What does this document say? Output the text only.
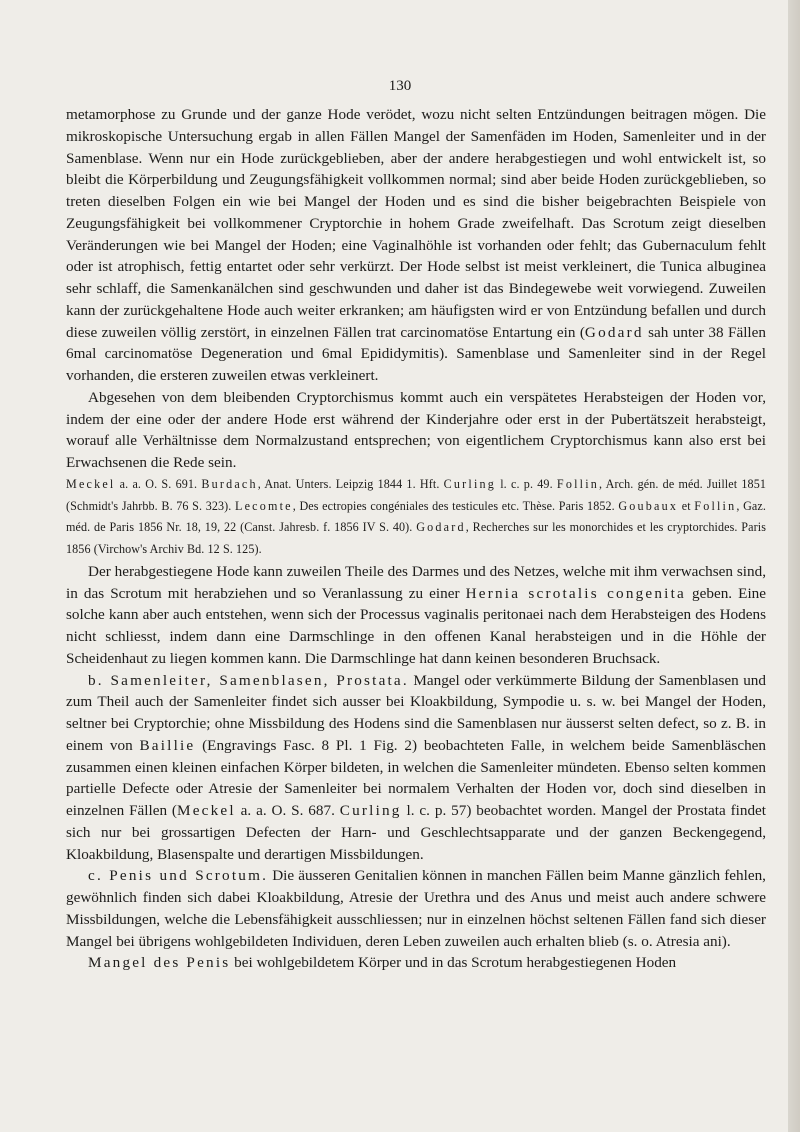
130

metamorphose zu Grunde und der ganze Hode verödet, wozu nicht selten Entzündungen beitragen mögen. Die mikroskopische Untersuchung ergab in allen Fällen Mangel der Samenfäden im Hoden, Samenleiter und in der Samenblase. Wenn nur ein Hode zurückgeblieben, aber der andere herabgestiegen und wohl entwickelt ist, so bleibt die Körperbildung und Zeugungsfähigkeit vollkommen normal; sind aber beide Hoden zurückgeblieben, so treten dieselben Folgen ein wie bei Mangel der Hoden und es sind die bisher beigebrachten Beispiele von Zeugungsfähigkeit bei vollkommener Cryptorchie in hohem Grade zweifelhaft. Das Scrotum zeigt dieselben Veränderungen wie bei Mangel der Hoden; eine Vaginalhöhle ist vorhanden oder fehlt; das Gubernaculum fehlt oder ist atrophisch, fettig entartet oder sehr verkürzt. Der Hode selbst ist meist verkleinert, die Tunica albuginea sehr schlaff, die Samenkanälchen sind geschwunden und daher ist das Bindegewebe weit vorwiegend. Zuweilen kann der zurückgehaltene Hode auch weiter erkranken; am häufigsten wird er von Entzündung befallen und durch diese zuweilen völlig zerstört, in einzelnen Fällen trat carcinomatöse Entartung ein (Godard sah unter 38 Fällen 6mal carcinomatöse Degeneration und 6mal Epididymitis). Samenblase und Samenleiter sind in der Regel vorhanden, die ersteren zuweilen etwas verkleinert.

Abgesehen von dem bleibenden Cryptorchismus kommt auch ein verspätetes Herabsteigen der Hoden vor, indem der eine oder der andere Hode erst während der Kinderjahre oder erst in der Pubertätszeit herabsteigt, worauf alle Verhältnisse dem Normalzustand entsprechen; von eigentlichem Cryptorchismus kann also erst bei Erwachsenen die Rede sein.

Meckel a. a. O. S. 691. Burdach, Anat. Unters. Leipzig 1844 1. Hft. Curling l. c. p. 49. Follin, Arch. gén. de méd. Juillet 1851 (Schmidt's Jahrbb. B. 76 S. 323). Lecomte, Des ectropies congéniales des testicules etc. Thèse. Paris 1852. Goubaux et Follin, Gaz. méd. de Paris 1856 Nr. 18, 19, 22 (Canst. Jahresb. f. 1856 IV S. 40). Godard, Recherches sur les monorchides et les cryptorchides. Paris 1856 (Virchow's Archiv Bd. 12 S. 125).

Der herabgestiegene Hode kann zuweilen Theile des Darmes und des Netzes, welche mit ihm verwachsen sind, in das Scrotum mit herabziehen und so Veranlassung zu einer Hernia scrotalis congenita geben. Eine solche kann aber auch entstehen, wenn sich der Processus vaginalis peritonaei nach dem Herabsteigen des Hodens nicht schliesst, indem dann eine Darmschlinge in den offenen Kanal herabsteigen und in die Höhle der Scheidenhaut zu liegen kommen kann. Die Darmschlinge hat dann keinen besonderen Bruchsack.

b. Samenleiter, Samenblasen, Prostata. Mangel oder verkümmerte Bildung der Samenblasen und zum Theil auch der Samenleiter findet sich ausser bei Kloakbildung, Sympodie u. s. w. bei Mangel der Hoden, seltner bei Cryptorchie; ohne Missbildung des Hodens sind die Samenblasen nur äusserst selten defect, so z. B. in einem von Baillie (Engravings Fasc. 8 Pl. 1 Fig. 2) beobachteten Falle, in welchem beide Samenbläschen zusammen einen kleinen einfachen Körper bildeten, in welchen die Samenleiter mündeten. Ebenso selten kommen partielle Defecte oder Atresie der Samenleiter bei normalem Verhalten der Hoden vor, doch sind dieselben in einzelnen Fällen (Meckel a. a. O. S. 687. Curling l. c. p. 57) beobachtet worden. Mangel der Prostata findet sich nur bei grossartigen Defecten der Harn- und Geschlechtsapparate und der ganzen Beckengegend, Kloakbildung, Blasenspalte und derartigen Missbildungen.

c. Penis und Scrotum. Die äusseren Genitalien können in manchen Fällen beim Manne gänzlich fehlen, gewöhnlich finden sich dabei Kloakbildung, Atresie der Urethra und des Anus und meist auch andere schwere Missbildungen, welche die Lebensfähigkeit ausschliessen; nur in einzelnen höchst seltenen Fällen fand sich dieser Mangel bei übrigens wohlgebildeten Individuen, deren Leben zuweilen auch erhalten blieb (s. o. Atresia ani).

Mangel des Penis bei wohlgebildetem Körper und in das Scrotum herabgestiegenen Hoden
